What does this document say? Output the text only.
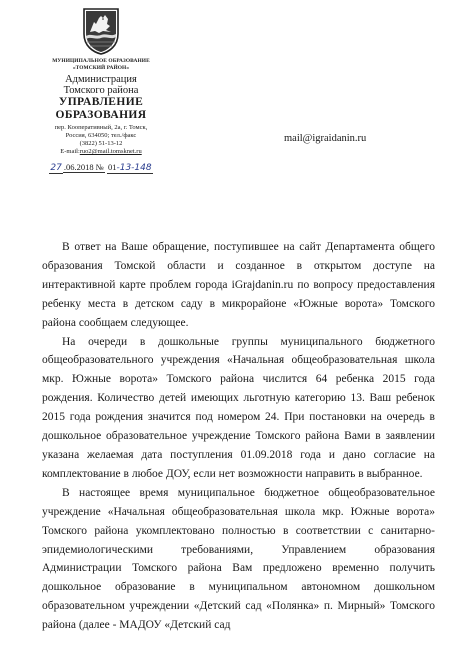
МУНИЦИПАЛЬНОЕ ОБРАЗОВАНИЕ
«ТОМСКИЙ РАЙОН»
Администрация
Томского района
УПРАВЛЕНИЕ
ОБРАЗОВАНИЯ
пер. Кооперативный, 2а, г. Томск,
Россия, 634050; тел./факс
(3822) 51-13-12
E-mail:ruo2@mail.tomsknet.ru
27 .06.2018 № 01-13-148
mail@igraidanin.ru

В ответ на Ваше обращение, поступившее на сайт Департамента общего образования Томской области и созданное в открытом доступе на интерактивной карте проблем города iGrajdanin.ru по вопросу предоставления ребенку места в детском саду в микрорайоне «Южные ворота» Томского района сообщаем следующее.

На очереди в дошкольные группы муниципального бюджетного общеобразовательного учреждения «Начальная общеобразовательная школа мкр. Южные ворота» Томского района числится 64 ребенка 2015 года рождения. Количество детей имеющих льготную категорию 13. Ваш ребенок 2015 года рождения значится под номером 24. При постановки на очередь в дошкольное образовательное учреждение Томского района Вами в заявлении указана желаемая дата поступления 01.09.2018 года и дано согласие на комплектование в любое ДОУ, если нет возможности направить в выбранное.

В настоящее время муниципальное бюджетное общеобразовательное учреждение «Начальная общеобразовательная школа мкр. Южные ворота» Томского района укомплектовано полностью в соответствии с санитарно-эпидемиологическими требованиями, Управлением образования Администрации Томского района Вам предложено временно получить дошкольное образование в муниципальном автономном дошкольном образовательном учреждении «Детский сад «Полянка» п. Мирный» Томского района (далее - МАДОУ «Детский сад
